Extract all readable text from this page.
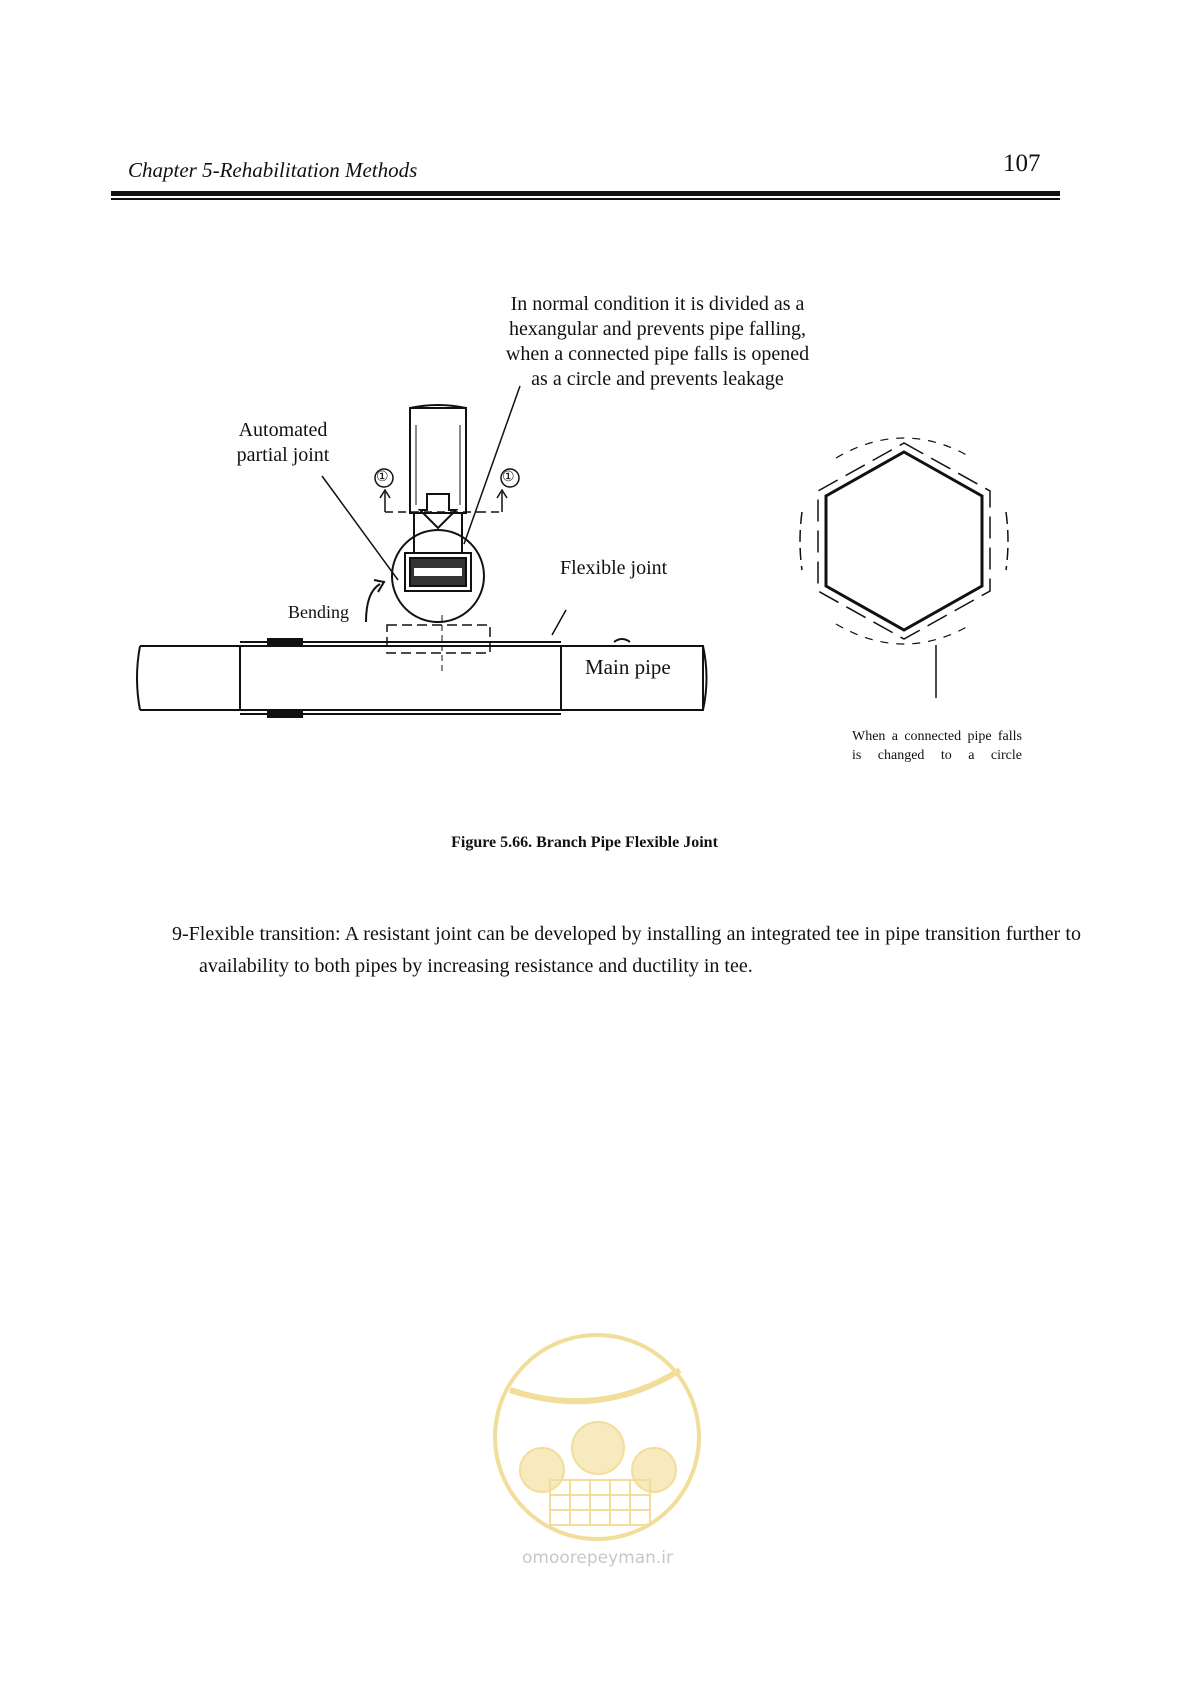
Chapter 5-Rehabilitation Methods	107
In normal condition it is divided as a hexangular and prevents pipe falling, when a connected pipe falls is opened as a circle and prevents leakage
Automated partial joint
Flexible joint
Bending
Main pipe
When a connected pipe falls is changed to a circle
①	①
Figure 5.66. Branch Pipe Flexible Joint

9-Flexible transition: A resistant joint can be developed by installing an integrated tee in pipe transition further to availability to both pipes by increasing resistance and ductility in tee.

omoorepeyman.ir
